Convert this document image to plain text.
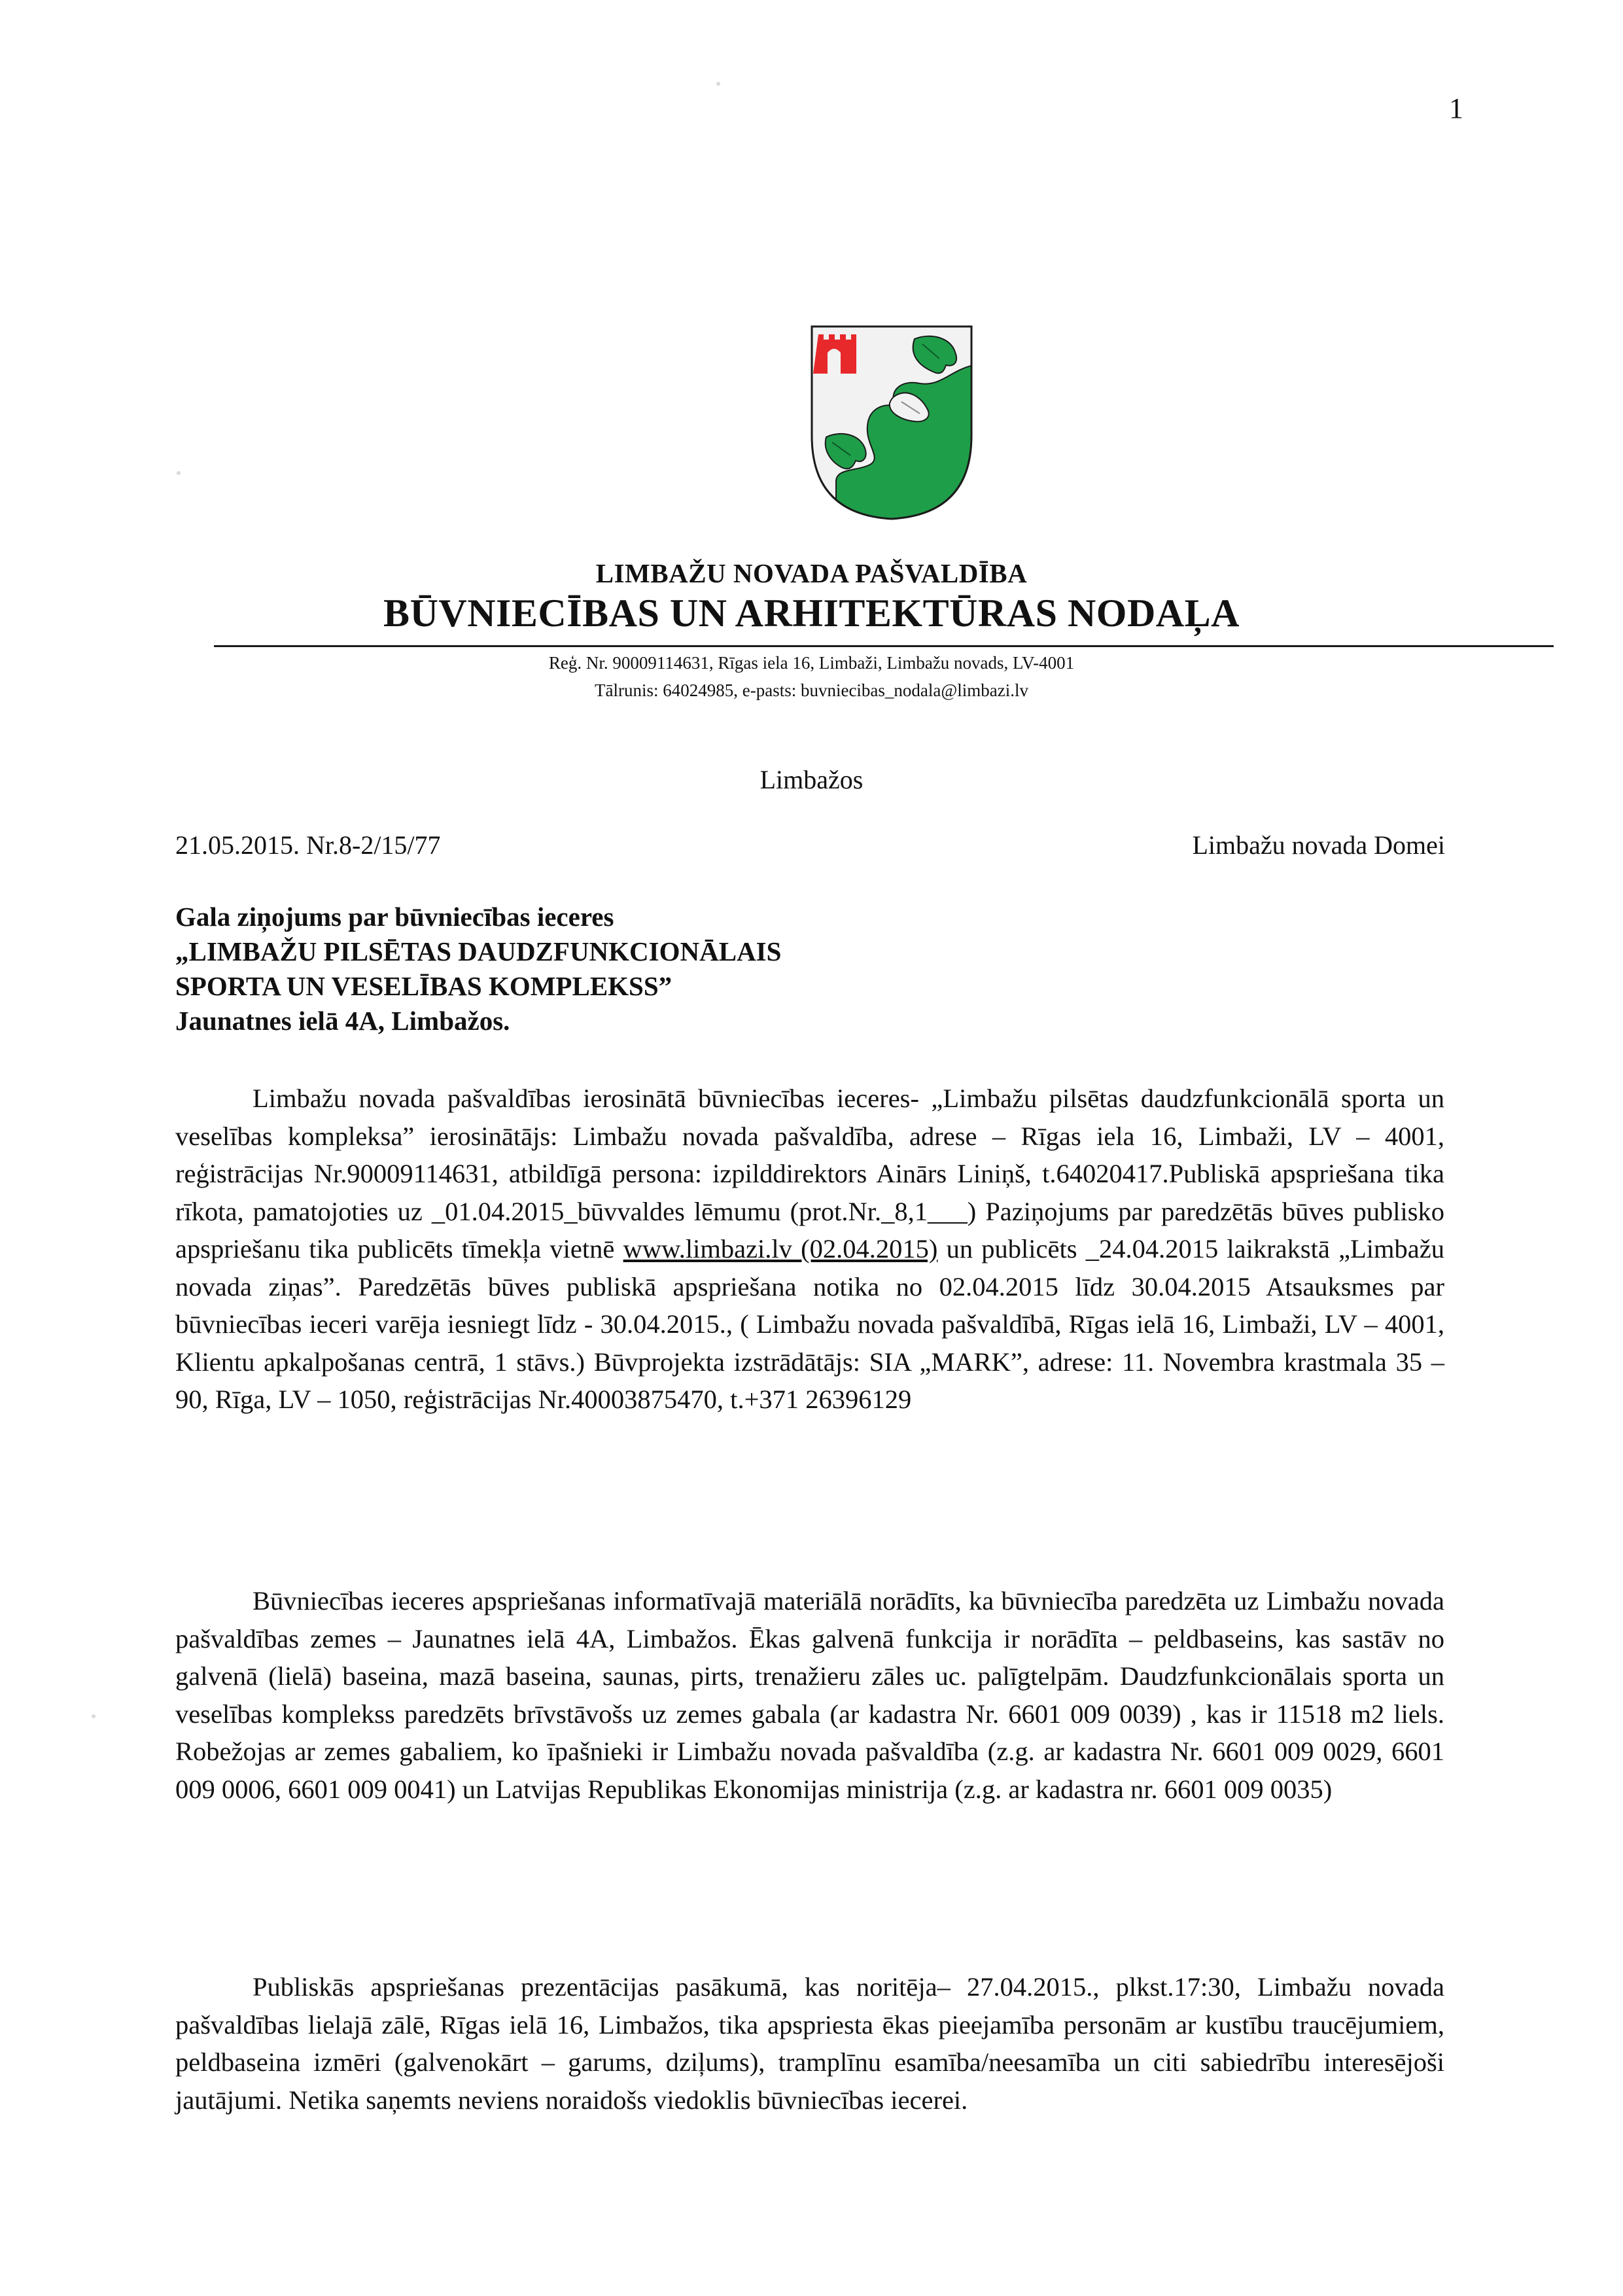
1
LIMBAŽU NOVADA PAŠVALDĪBA
BŪVNIECĪBAS UN ARHITEKTŪRAS NODAĻA
Reģ. Nr. 90009114631, Rīgas iela 16, Limbaži, Limbažu novads, LV-4001
Tālrunis: 64024985, e-pasts: buvniecibas_nodala@limbazi.lv
Limbažos
21.05.2015. Nr.8-2/15/77	Limbažu novada Domei
Gala ziņojums par būvniecības ieceres
„LIMBAŽU PILSĒTAS DAUDZFUNKCIONĀLAIS
SPORTA UN VESELĪBAS KOMPLEKSS”
Jaunatnes ielā 4A, Limbažos.

Limbažu novada pašvaldības ierosinātā būvniecības ieceres- „Limbažu pilsētas daudzfunkcionālā sporta un veselības kompleksa” ierosinātājs: Limbažu novada pašvaldība, adrese – Rīgas iela 16, Limbaži, LV – 4001, reģistrācijas Nr.90009114631, atbildīgā persona: izpilddirektors Ainārs Liniņš, t.64020417.Publiskā apspriešana tika rīkota, pamatojoties uz _01.04.2015_būvvaldes lēmumu (prot.Nr._8,1___) Paziņojums par paredzētās būves publisko apspriešanu tika publicēts tīmekļa vietnē www.limbazi.lv (02.04.2015) un publicēts _24.04.2015 laikrakstā „Limbažu novada ziņas”. Paredzētās būves publiskā apspriešana notika no 02.04.2015 līdz 30.04.2015 Atsauksmes par būvniecības ieceri varēja iesniegt līdz - 30.04.2015., ( Limbažu novada pašvaldībā, Rīgas ielā 16, Limbaži, LV – 4001, Klientu apkalpošanas centrā, 1 stāvs.) Būvprojekta izstrādātājs: SIA „MARK”, adrese: 11. Novembra krastmala 35 – 90, Rīga, LV – 1050, reģistrācijas Nr.40003875470, t.+371 26396129

Būvniecības ieceres apspriešanas informatīvajā materiālā norādīts, ka būvniecība paredzēta uz Limbažu novada pašvaldības zemes – Jaunatnes ielā 4A, Limbažos. Ēkas galvenā funkcija ir norādīta – peldbaseins, kas sastāv no galvenā (lielā) baseina, mazā baseina, saunas, pirts, trenažieru zāles uc. palīgtelpām. Daudzfunkcionālais sporta un veselības komplekss paredzēts brīvstāvošs uz zemes gabala (ar kadastra Nr. 6601 009 0039) , kas ir 11518 m2 liels. Robežojas ar zemes gabaliem, ko īpašnieki ir Limbažu novada pašvaldība (z.g. ar kadastra Nr. 6601 009 0029, 6601 009 0006, 6601 009 0041) un Latvijas Republikas Ekonomijas ministrija (z.g. ar kadastra nr. 6601 009 0035)

Publiskās apspriešanas prezentācijas pasākumā, kas noritēja– 27.04.2015., plkst.17:30, Limbažu novada pašvaldības lielajā zālē, Rīgas ielā 16, Limbažos, tika apspriesta ēkas pieejamība personām ar kustību traucējumiem, peldbaseina izmēri (galvenokārt – garums, dziļums), tramplīnu esamība/neesamība un citi sabiedrību interesējoši jautājumi. Netika saņemts neviens noraidošs viedoklis būvniecības iecerei.
